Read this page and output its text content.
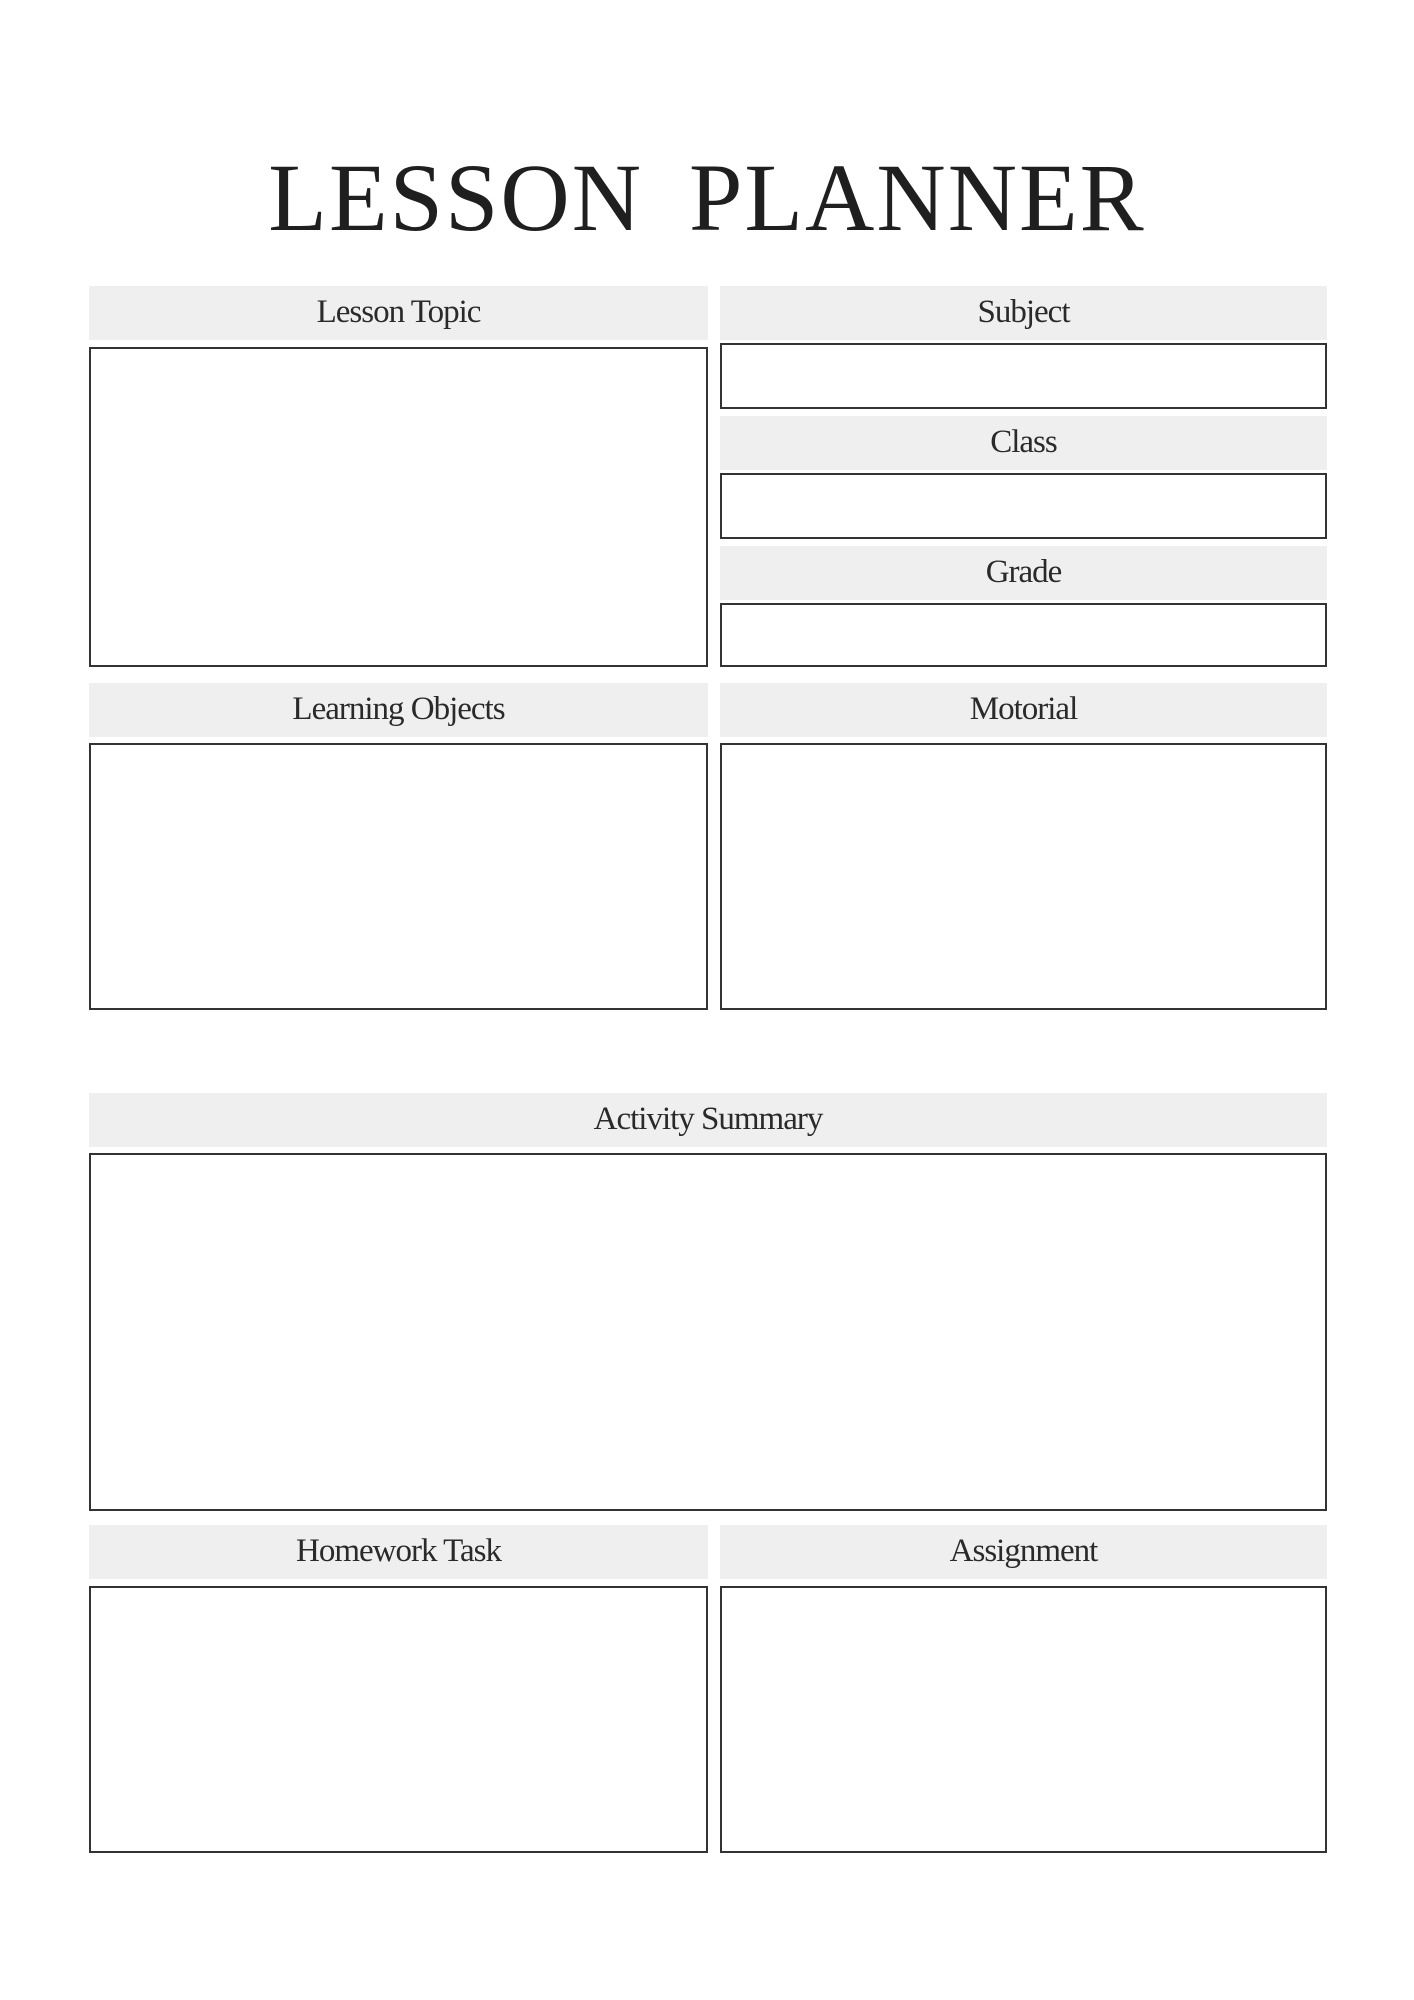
LESSON PLANNER
Lesson Topic	Subject
Class
Grade
Learning Objects	Motorial
Activity Summary
Homework Task	Assignment
